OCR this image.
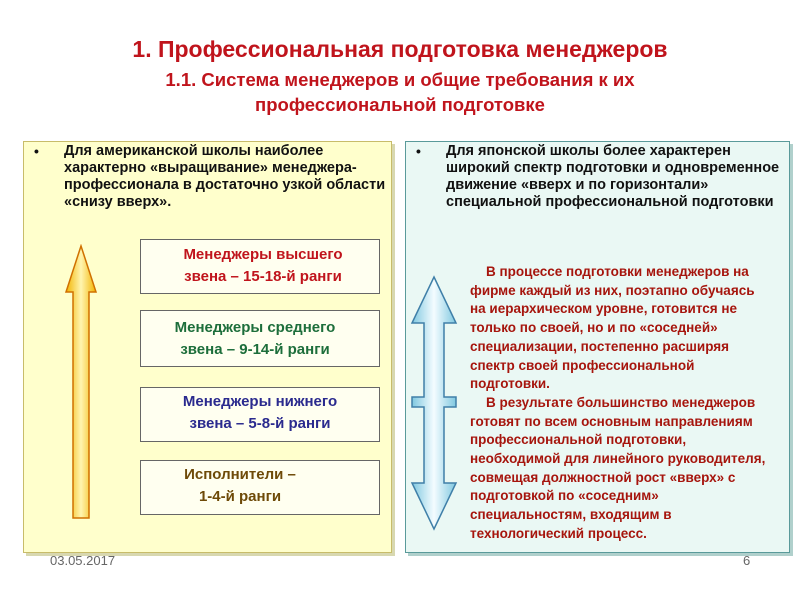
1. Профессиональная подготовка менеджеров
1.1. Система менеджеров и общие требования к их профессиональной подготовке
• Для американской школы наиболее характерно «выращивание» менеджера-профессионала в достаточно узкой области «снизу вверх».
Менеджеры высшего
звена – 15-18-й ранги
Менеджеры среднего
звена – 9-14-й ранги
Менеджеры нижнего
звена – 5-8-й ранги
Исполнители –
1-4-й ранги
• Для японской школы более характерен широкий спектр подготовки и одновременное движение «вверх и по горизонтали» специальной профессиональной подготовки

В процессе подготовки менеджеров на фирме каждый из них, поэтапно обучаясь на иерархическом уровне, готовится не только по своей, но и по «соседней» специализации, постепенно расширяя спектр своей профессиональной подготовки.

В результате большинство менеджеров готовят по всем основным направлениям профессиональной подготовки, необходимой для линейного руководителя, совмещая должностной рост «вверх» с подготовкой по «соседним» специальностям, входящим в технологический процесс.

03.05.2017	6
